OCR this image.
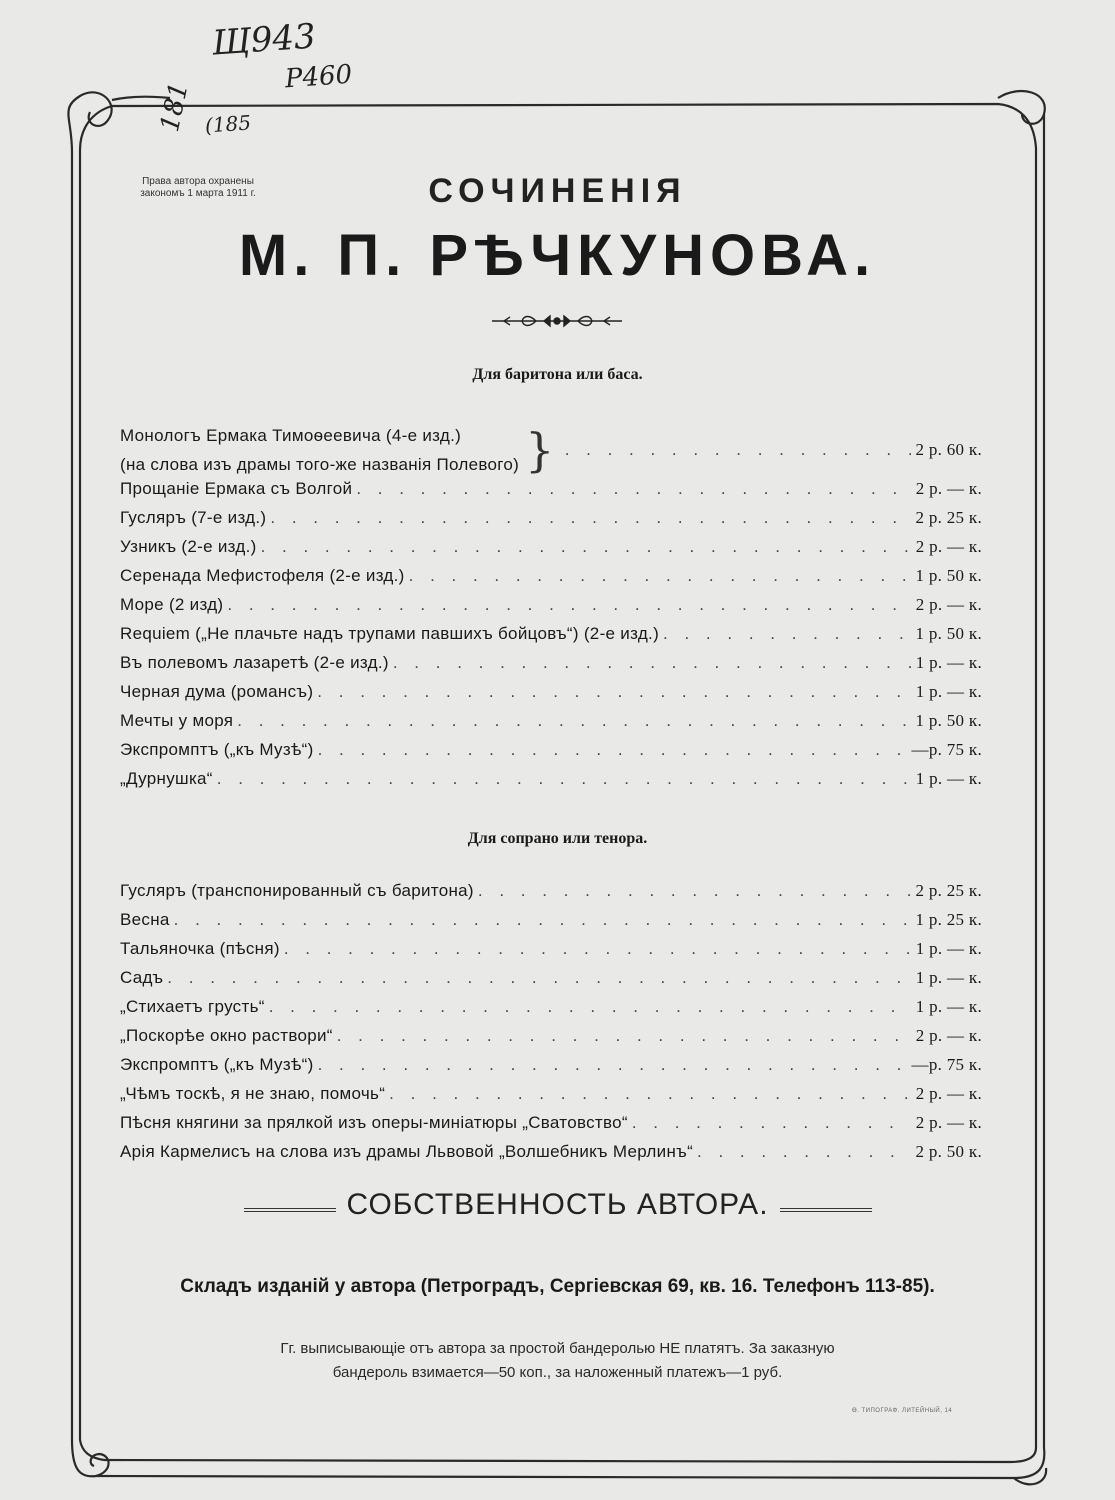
Щ943
Р460
181 (185
Права автора охранены
закономъ 1 марта 1911 г.	СОЧИНЕНIЯ
М. П. РѢЧКУНОВА.
Для баритона или баса.
Монологъ Ермака Тимоѳеевича (4-е изд.)
(на слова изъ драмы того-же названiя Полевого) } . . .	2 р. 60 к.
Прощанiе Ермака съ Волгой . . .	2 р. — к.
Гусляръ (7-е изд.) . . .	2 р. 25 к.
Узникъ (2-е изд.) . . .	2 р. — к.
Серенада Мефистофеля (2-е изд.) . . .	1 р. 50 к.
Море (2 изд) . . .	2 р. — к.
Requiem („Не плачьте надъ трупами павшихъ бойцовъ“) (2-е изд.) . . .	1 р. 50 к.
Въ полевомъ лазаретѣ (2-е изд.) . . .	1 р. — к.
Черная дума (романсъ) . . .	1 р. — к.
Мечты у моря . . .	1 р. 50 к.
Экспромптъ („къ Музѣ“) . . .	—р. 75 к.
„Дурнушка“ . . .	1 р. — к.
Для сопрано или тенора.
Гусляръ (транспонированный съ баритона) . . .	2 р. 25 к.
Весна . . .	1 р. 25 к.
Тальяночка (пѣсня) . . .	1 р. — к.
Садъ . . .	1 р. — к.
„Стихаетъ грусть“ . . .	1 р. — к.
„Поскорѣе окно раствори“ . . .	2 р. — к.
Экспромптъ („къ Музѣ“) . . .	—р. 75 к.
„Чѣмъ тоскѣ, я не знаю, помочь“ . . .	2 р. — к.
Пѣсня княгини за прялкой изъ оперы-миніатюры „Сватовство“ . . .	2 р. — к.
Арiя Кармелисъ на слова изъ драмы Львовой „Волшебникъ Мерлинъ“ . . .	2 р. 50 к.
СОБСТВЕННОСТЬ АВТОРА.
Складъ изданій у автора (Петроградъ, Сергіевская 69, кв. 16. Телефонъ 113-85).
Гг. выписывающiе отъ автора за простой бандеролью НЕ платятъ. За заказную
бандероль взимается—50 коп., за наложенный платежъ—1 руб.
Ѳ. ТИПОГРАФ. ЛИТЕЙНЫЙ, 14
